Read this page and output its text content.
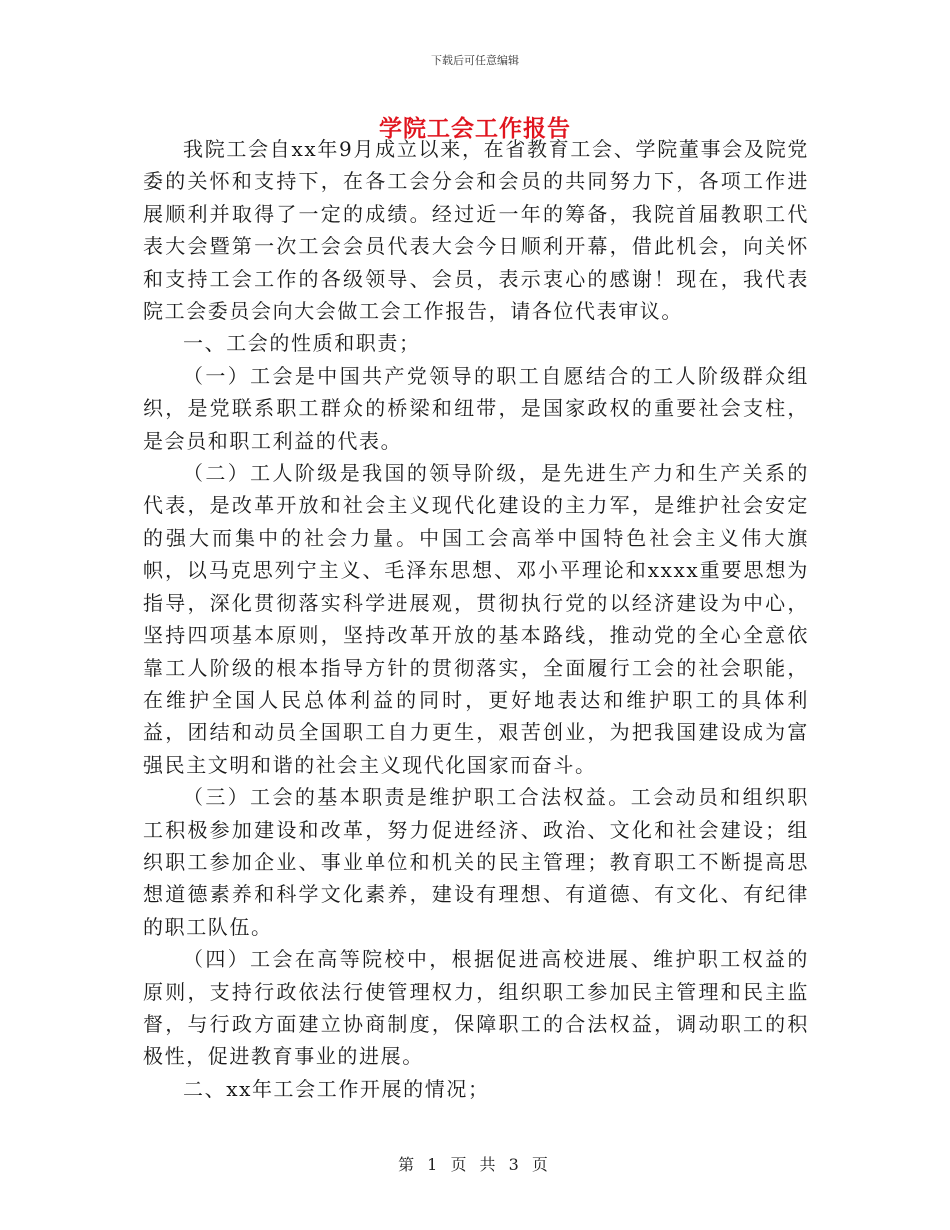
下载后可任意编辑
学院工会工作报告

我院工会自xx年9月成立以来，在省教育工会、学院董事会及院党委的关怀和支持下，在各工会分会和会员的共同努力下，各项工作进展顺利并取得了一定的成绩。经过近一年的筹备，我院首届教职工代表大会暨第一次工会会员代表大会今日顺利开幕，借此机会，向关怀和支持工会工作的各级领导、会员，表示衷心的感谢！现在，我代表院工会委员会向大会做工会工作报告，请各位代表审议。

一、工会的性质和职责；

（一）工会是中国共产党领导的职工自愿结合的工人阶级群众组织，是党联系职工群众的桥梁和纽带，是国家政权的重要社会支柱，是会员和职工利益的代表。

（二）工人阶级是我国的领导阶级，是先进生产力和生产关系的代表，是改革开放和社会主义现代化建设的主力军，是维护社会安定的强大而集中的社会力量。中国工会高举中国特色社会主义伟大旗帜，以马克思列宁主义、毛泽东思想、邓小平理论和xxxx重要思想为指导，深化贯彻落实科学进展观，贯彻执行党的以经济建设为中心，坚持四项基本原则，坚持改革开放的基本路线，推动党的全心全意依靠工人阶级的根本指导方针的贯彻落实，全面履行工会的社会职能，在维护全国人民总体利益的同时，更好地表达和维护职工的具体利益，团结和动员全国职工自力更生，艰苦创业，为把我国建设成为富强民主文明和谐的社会主义现代化国家而奋斗。

（三）工会的基本职责是维护职工合法权益。工会动员和组织职工积极参加建设和改革，努力促进经济、政治、文化和社会建设；组织职工参加企业、事业单位和机关的民主管理；教育职工不断提高思想道德素养和科学文化素养，建设有理想、有道德、有文化、有纪律的职工队伍。

（四）工会在高等院校中，根据促进高校进展、维护职工权益的原则，支持行政依法行使管理权力，组织职工参加民主管理和民主监督，与行政方面建立协商制度，保障职工的合法权益，调动职工的积极性，促进教育事业的进展。

二、xx年工会工作开展的情况；

第 1 页 共 3 页
